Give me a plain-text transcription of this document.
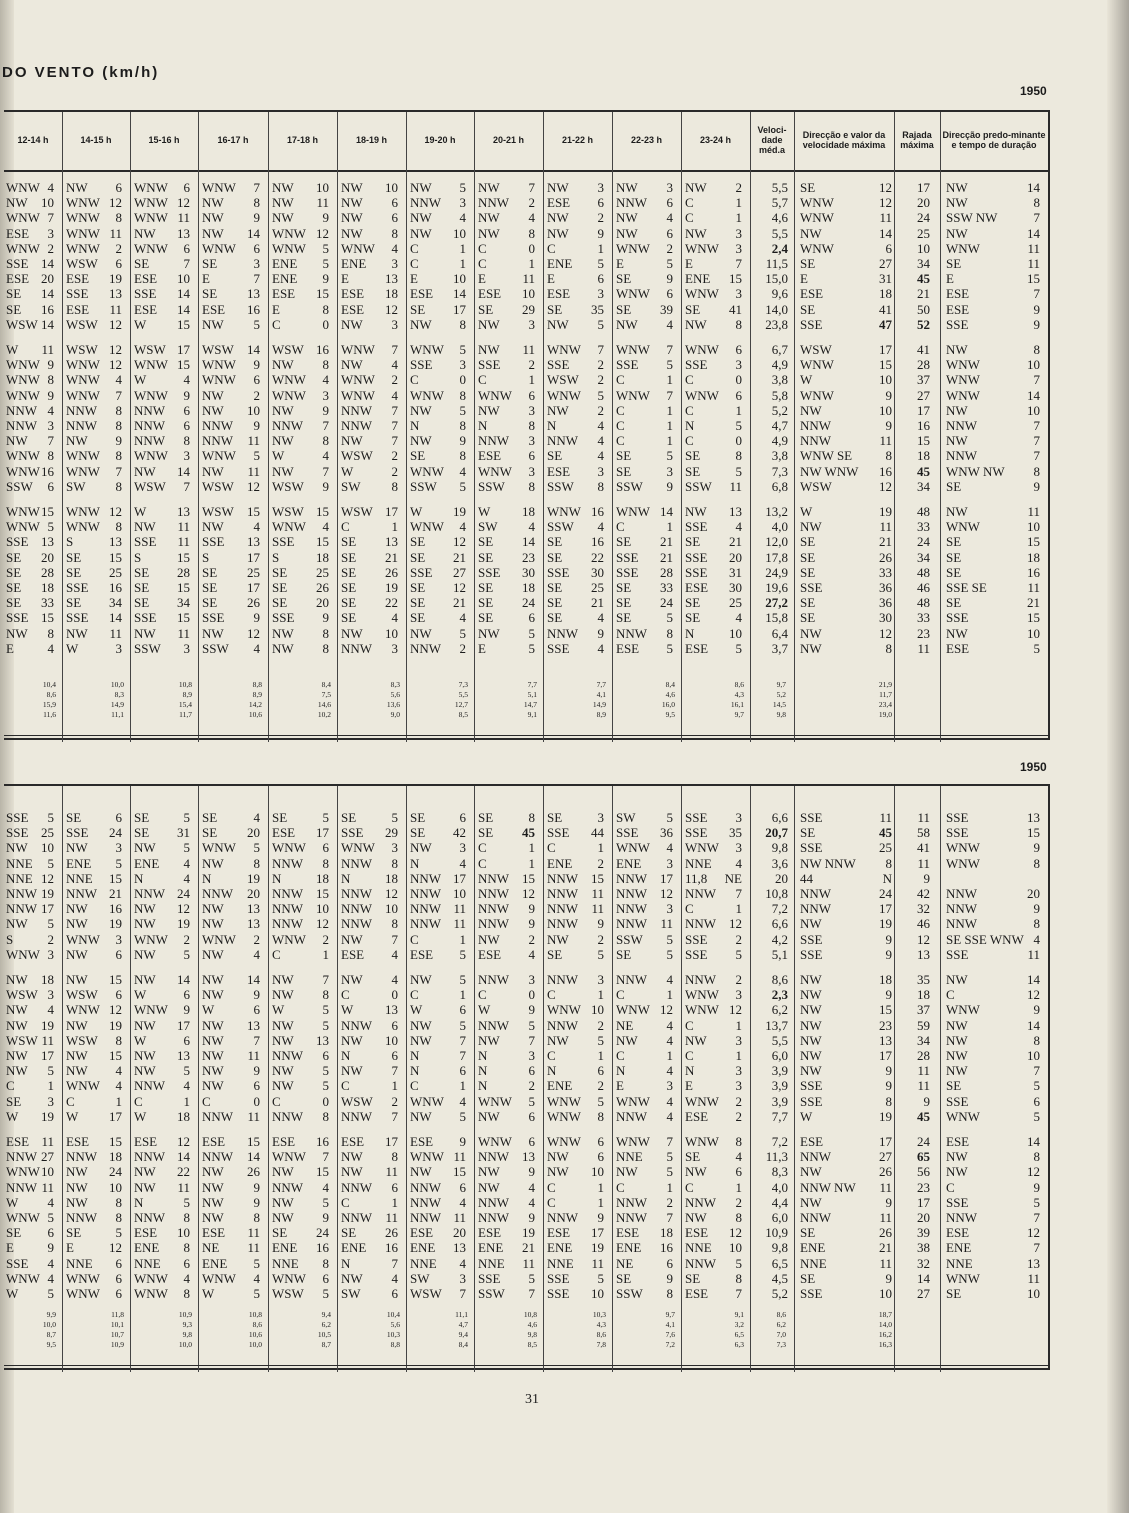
DO VENTO (km/h)
1950
1950
12-14 h	14-15 h	15-16 h	16-17 h	17-18 h	18-19 h	19-20 h	20-21 h	21-22 h	22-23 h	23-24 h
Veloci-dade méd.a
Direcção e valor da velocidade máxima
Rajada máxima
Direcção predo-minante e tempo de duração
WNW 4 NW	6 WNW	6 WNW	7 NW	10 NW	10 NW	5 NW	7 NW	3 NW	3 NW	2	5,5 SE	12	17 NW	14
NW	10 WNW 12 WNW 12 NW	8 NW	11 NW	6 NNW	3 NNW	2 ESE	6 NNW	6 C	1	5,7 WNW	12	20 NW	8
WNW 7 WNW	8 WNW 11 NW	9 NW	9 NW	6 NW	4 NW	4 NW	2 NW	4 C	1	4,6 WNW	11	24 SSW NW	7
ESE	3 WNW 11 NW	13 NW	14 WNW 12 NW	8 NW	10 NW	8 NW	9 NW	6 NW	3	5,5 NW	14	25 NW	14
WNW 2 WNW	2 WNW	6 WNW	6 WNW	5 WNW	4 C	1 C	0 C	1 WNW	2 WNW	3	2,4 WNW	6	10 WNW	11
SSE 14 WSW	6 SE	7 SE	3 ENE	5 ENE	3 C	1 C	1 ENE	5 E	5 E	7	11,5 SE	27	34 SE	11
ESE 20 ESE	19 ESE	10 E	7 ENE	9 E	13 E	10 E	11 E	6 SE	9 ENE	15	15,0 E	31	45 E	15
SE	14 SSE	13 SSE	14 SE	13 ESE	15 ESE	18 ESE	14 ESE	10 ESE	3 WNW	6 WNW	3	9,6 ESE	18	21 ESE	7
SE	16 ESE	11 ESE	14 ESE	16 E	8 ESE	12 SE	17 SE	29 SE	35 SE	39 SE	41	14,0 SE	41	50 ESE	9
WSW 14 WSW 12 W	15 NW	5 C	0 NW	3 NW	8 NW	3 NW	5 NW	4 NW	8	23,8 SSE	47	52 SSE	9
W	11 WSW 12 WSW 17 WSW	14 WSW 16 WNW	7 WNW	5 NW	11 WNW	7 WNW	7 WNW	6	6,7 WSW	17	41 NW	8
WNW 9 WNW 12 WNW 15 WNW	9 NW	8 NW	4 SSE	3 SSE	2 SSE	2 SSE	5 SSE	3	4,9 WNW	15	28 WNW	10
WNW 8 WNW	4 W	4 WNW	6 WNW	4 WNW	2 C	0 C	1 WSW	2 C	1 C	0	3,8 W	10	37 WNW	7
WNW 9 WNW	7 WNW	9 NW	2 WNW	3 WNW	4 WNW	8 WNW	6 WNW	5 WNW	7 WNW	6	5,8 WNW	9	27 WNW	14
NNW 4 NNW	8 NNW	6 NW	10 NW	9 NNW	7 NW	5 NW	3 NW	2 C	1 C	1	5,2 NW	10	17 NW	10
NNW 3 NNW	8 NNW	6 NNW	9 NNW	7 NNW	7 N	8 N	8 N	4 C	1 N	5	4,7 NNW	9	16 NNW	7
NW	7 NW	9 NNW	8 NNW	11 NW	8 NW	7 NW	9 NNW	3 NNW	4 C	1 C	0	4,9 NNW	11	15 NW	7
WNW 8 WNW	8 WNW	3 WNW	5 W	4 WSW	2 SE	8 ESE	6 SE	4 SE	5 SE	8	3,8 WNW SE	8	18 NNW	7
WNW 16 WNW	7 NW	14 NW	11 NW	7 W	2 WNW	4 WNW	3 ESE	3 SE	3 SE	5	7,3 NW WNW	16	45 WNW NW	8
SSW	6 SW	8 WSW	7 WSW	12 WSW	9 SW	8 SSW	5 SSW	8 SSW	8 SSW	9 SSW	11	6,8 WSW	12	34 SE	9
WNW 15 WNW 12 W	13 WSW	15 WSW 15 WSW 17 W	19 W	18 WNW 16 WNW 14 NW	13	13,2 W	19	48 NW	11
WNW 5 WNW	8 NW	11 NW	4 WNW	4 C	1 WNW	4 SW	4 SSW	4 C	1 SSE	4	4,0 NW	11	33 WNW	10
SSE 13 S	13 SSE	11 SSE	13 SSE	15 SE	13 SE	12 SE	14 SE	16 SE	21 SE	21	12,0 SE	21	24 SE	15
SE	20 SE	15 S	15 S	17 S	18 SE	21 SE	21 SE	23 SE	22 SSE	21 SSE	20	17,8 SE	26	34 SE	18
SE	28 SE	25 SE	28 SE	25 SE	25 SE	26 SSE	27 SSE	30 SSE	30 SSE	28 SSE	31	24,9 SE	33	48 SE	16
SE	18 SSE	16 SE	15 SE	17 SE	26 SE	19 SE	12 SE	18 SE	25 SE	33 ESE	30	19,6 SSE	36	46 SSE SE	11
SE	33 SE	34 SE	34 SE	26 SE	20 SE	22 SE	21 SE	24 SE	21 SE	24 SE	25	27,2 SE	36	48 SE	21
SSE 15 SSE	14 SSE	15 SSE	9 SSE	9 SE	4 SE	4 SE	6 SE	4 SE	5 SE	4	15,8 SE	30	33 SSE	15
NW	8 NW	11 NW	11 NW	12 NW	8 NW	10 NW	5 NW	5 NNW	9 NNW	8 N	10	6,4 NW	12	23 NW	10
E	4 W	3 SSW	3 SSW	4 NW	8 NNW	3 NNW	2 E	5 SSE	4 ESE	5 ESE	5	3,7 NW	8	11 ESE	5
10,4	10,0	10,8	8,8	8,4	8,3	7,3	7,7	7,7	8,4	8,6	9,7	21,9
8,6	8,3	8,9	8,9	7,5	5,6	5,5	5,1	4,1	4,6	4,3	5,2	11,7
15,9	14,9	15,4	14,2	14,6	13,6	12,7	14,7	14,9	16,0	16,1	14,5	23,4
11,6	11,1	11,7	10,6	10,2	9,0	8,5	9,1	8,9	9,5	9,7	9,8	19,0
SSE	5 SE	6 SE	5 SE	4 SE	5 SE	5 SE	6 SE	8 SE	3 SW	5 SSE	3	6,6 SSE	11	11 SSE	13
SSE 25 SSE	24 SE	31 SE	20 ESE	17 SSE	29 SE	42 SE	45 SSE	44 SSE	36 SSE	35	20,7 SE	45	58 SSE	15
NW	10 NW	3 NW	5 WNW	5 WNW	6 WNW	3 NW	3 C	1 C	1 WNW	4 WNW	3	9,8 SSE	25	41 WNW	9
NNE	5 ENE	5 ENE	4 NW	8 NNW	8 NNW	8 N	4 C	1 ENE	2 ENE	3 NNE	4	3,6 NW NNW	8	11 WNW	8
NNE 12 NNE	15 N	4 N	19 N	18 N	18 NNW 17 NNW 15 NNW 15 NNW 17 11,8	NE	20 44	N	9
NNW 19 NNW 21 NNW 24 NNW	20 NNW 15 NNW 12 NNW 10 NNW 12 NNW	11 NNW 12 NNW	7	10,8 NNW	24	42 NNW	20
NNW 17 NW	16 NW	12 NW	13 NNW 10 NNW 10 NNW 11 NNW	9 NNW	11 NNW	3 C	1	7,2 NNW	17	32 NNW	9
NW	5 NW	19 NW	19 NW	13 NNW 12 NNW	8 NNW 11 NNW	9 NNW	9 NNW	11 NNW 12	6,6 NW	19	46 NNW	8
S	2 WNW	3 WNW	2 WNW	2 WNW	2 NW	7 C	1 NW	2 NW	2 SSW	5 SSE	2	4,2 SSE	9	12 SE SSE WNW 4
WNW 3 NW	6 NW	5 NW	4 C	1 ESE	4 ESE	5 ESE	4 SE	5 SE	5 SSE	5	5,1 SSE	9	13 SSE	11
NW	18 NW	15 NW	14 NW	14 NW	7 NW	4 NW	5 NNW	3 NNW	3 NNW	4 NNW	2	8,6 NW	18	35 NW	14
WSW 3 WSW	6 W	6 NW	9 NW	8 C	0 C	1 C	0 C	1 C	1 WNW	3	2,3 NW	9	18 C	12
NW	4 WNW 12 WNW	9 W	6 W	5 W	13 W	6 W	9 WNW 10 WNW 12 WNW 12	6,2 NW	15	37 WNW	9
NW	19 NW	19 NW	17 NW	13 NW	5 NNW	6 NW	5 NNW	5 NNW	2 NE	4 C	1	13,7 NW	23	59 NW	14
WSW 11 WSW	8 W	6 NW	7 NW	13 NW	10 NW	7 NW	7 NW	5 NW	4 NW	3	5,5 NW	13	34 NW	8
NW	17 NW	15 NW	13 NW	11 NNW	6 N	6 N	7 N	3 C	1 C	1 C	1	6,0 NW	17	28 NW	10
NW	5 NW	4 NW	5 NW	9 NW	5 NW	7 N	6 N	6 N	6 N	4 N	3	3,9 NW	9	11 NW	7
C	1 WNW	4 NNW	4 NW	6 NW	5 C	1 C	1 N	2 ENE	2 E	3 E	3	3,9 SSE	9	11 SE	5
SE	3 C	1 C	1 C	0 C	0 WSW	2 WNW	4 WNW	5 WNW	5 WNW	4 WNW	2	3,9 SSE	8	9 SSE	6
W	19 W	17 W	18 NNW	11 NNW	8 NNW	7 NW	5 NW	6 WNW	8 NNW	4 ESE	2	7,7 W	19	45 WNW	5
ESE 11 ESE	15 ESE	12 ESE	15 ESE	16 ESE	17 ESE	9 WNW	6 WNW	6 WNW	7 WNW	8	7,2 ESE	17	24 ESE	14
NNW 27 NNW 18 NNW 14 NNW	14 WNW	7 NW	8 WNW 11 NNW 13 NW	6 NNE	5 SE	4	11,3 NNW	27	65 NW	8
WNW 10 NW	24 NW	22 NW	26 NW	15 NW	11 NW	15 NW	9 NW	10 NW	5 NW	6	8,3 NW	26	56 NW	12
NNW 11 NW	10 NW	11 NW	9 NNW	4 NNW	6 NNW	6 NW	4 C	1 C	1 C	1	4,0 NNW NW	11	23 C	9
W	4 NW	8 N	5 NW	9 NW	5 C	1 NNW	4 NNW	4 C	1 NNW	2 NNW	2	4,4 NW	9	17 SSE	5
WNW 5 NNW	8 NNW	8 NW	8 NW	9 NNW	11 NNW 11 NNW	9 NNW	9 NNW	7 NW	8	6,0 NNW	11	20 NNW	7
SE	6 SE	5 ESE	10 ESE	11 SE	24 SE	26 ESE	20 ESE	19 ESE	17 ESE	18 ESE	12	10,9 SE	26	39 ESE	12
E	9 E	12 ENE	8 NE	11 ENE	16 ENE	16 ENE	13 ENE	21 ENE	19 ENE	16 NNE	10	9,8 ENE	21	38 ENE	7
SSE	4 NNE	6 NNE	6 ENE	5 NNE	8 N	7 NNE	4 NNE	11 NNE	11 NE	6 NNW	5	6,5 NNE	11	32 NNE	13
WNW 4 WNW	6 WNW	4 WNW	4 WNW	6 NW	4 SW	3 SSE	5 SSE	5 SE	9 SE	8	4,5 SE	9	14 WNW	11
W	5 WNW	6 WNW	8 W	5 WSW	5 SW	6 WSW	7 SSW	7 SSE	10 SSW	8 ESE	7	5,2 SSE	10	27 SE	10
9,9	11,8	10,9	10,8	9,4	10,4	11,1	10,8	10,3	9,7	9,1	8,6	18,7
10,0	10,1	9,3	8,6	6,2	5,6	4,7	4,6	4,3	4,1	3,2	6,2	14,0
8,7	10,7	9,8	10,6	10,5	10,3	9,4	9,8	8,6	7,6	6,5	7,0	16,2
9,5	10,9	10,0	10,0	8,7	8,8	8,4	8,5	7,8	7,2	6,3	7,3	16,3
31
